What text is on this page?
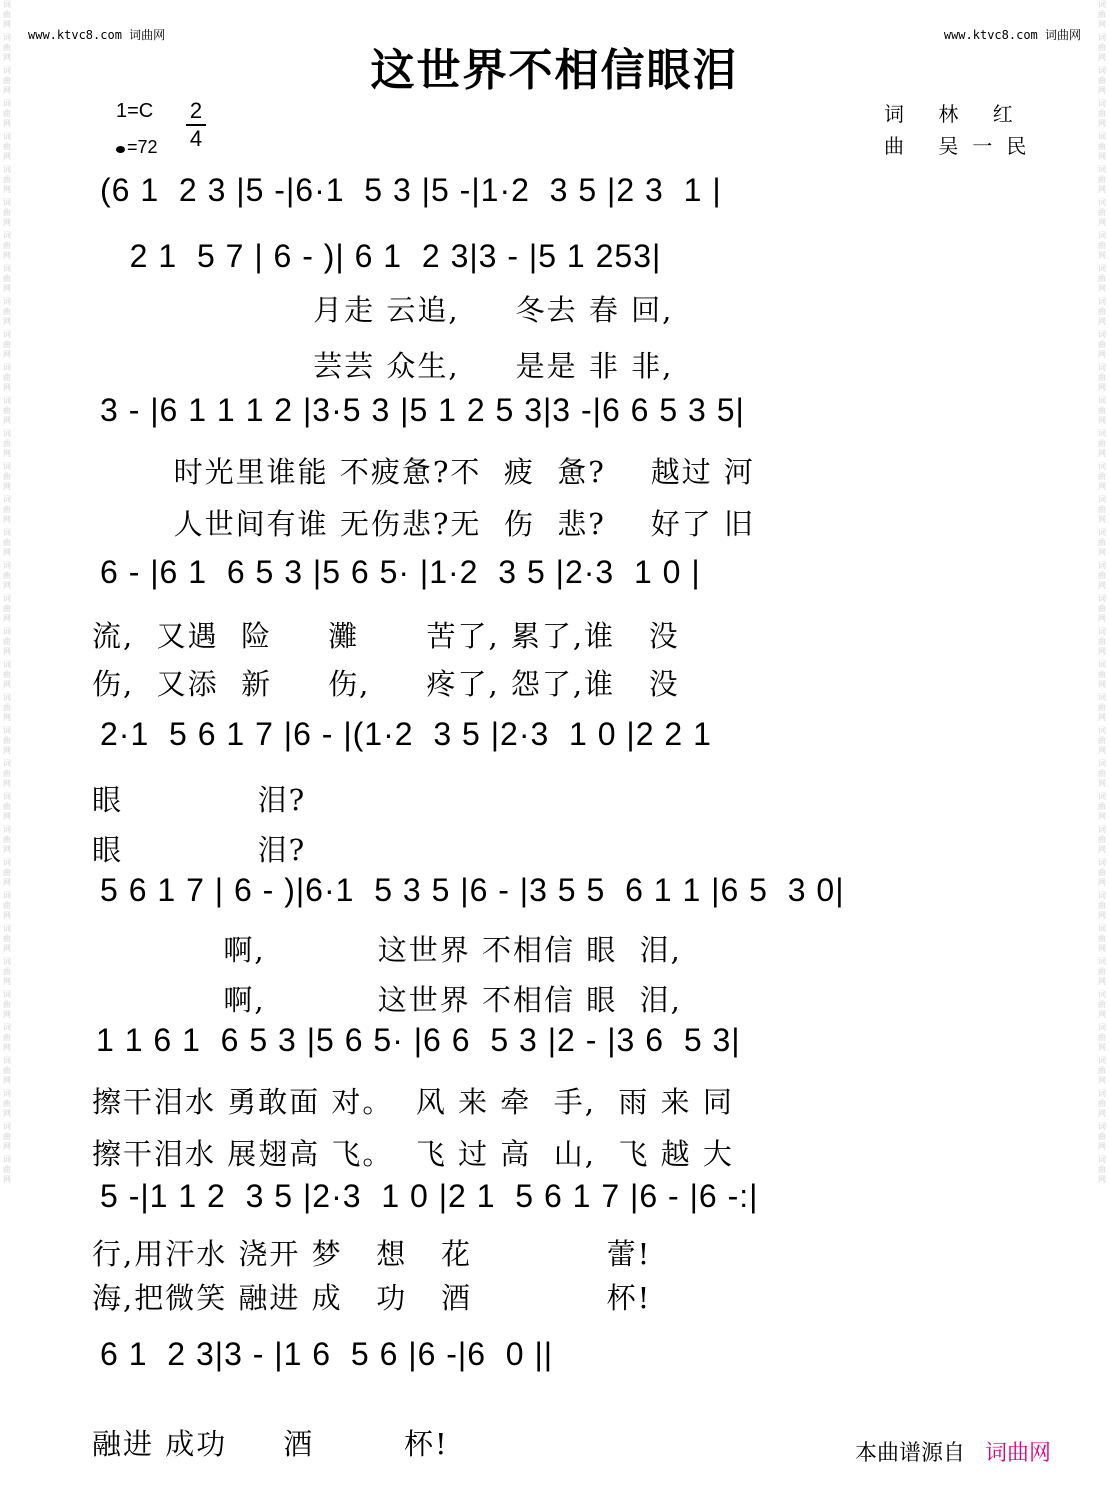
词曲网
词曲网
词曲网
词曲网
词曲网
词曲网
词曲网
词曲网
词曲网
词曲网
词曲网
词曲网
词曲网
词曲网
词曲网
词曲网
词曲网
词曲网
词曲网
词曲网
词曲网
词曲网
词曲网
词曲网
词曲网
词曲网
词曲网
词曲网
词曲网
词曲网
词曲网
词曲网
词曲网
词曲网
词曲网
词曲网
词曲网
词曲网
词曲网
词曲网
词曲网
词曲网
词曲网
词曲网
词曲网
词曲网
词曲网
词曲网
词曲网
词曲网
词曲网
词曲网
词曲网
词曲网
词曲网
词曲网
词曲网
词曲网
词曲网
词曲网
词曲网
词曲网
词曲网
词曲网
词曲网
词曲网
词曲网
词曲网
词曲网
词曲网
词曲网
词曲网
www.ktvc8.com 词曲网	www.ktvc8.com 词曲网
这世界不相信眼泪
1=C 2
4
=72
词 林 红
曲 吴一民
(6 1  2 3 |5 -|6·1  5 3 |5 -|1·2  3 5 |2 3  1 |
2 1  5 7 | 6 - )| 6 1  2 3|3 - |5 1 253|
月走 云追,     冬去 春 回,
芸芸 众生,     是是 非 非,
3 - |6 1 1 1 2 |3·5 3 |5 1 2 5 3|3 -|6 6 5 3 5|
时光里谁能 不疲惫?不  疲  惫?    越过 河
人世间有谁 无伤悲?无  伤  悲?    好了 旧
6 - |6 1  6 5 3 |5 6 5· |1·2  3 5 |2·3  1 0 |
流,  又遇  险     灘      苦了, 累了,谁   没
伤,  又添  新     伤,     疼了, 怨了,谁   没
2·1  5 6 1 7 |6 - |(1·2  3 5 |2·3  1 0 |2 2 1
眼            泪?
眼            泪?
5 6 1 7 | 6 - )|6·1  5 3 5 |6 - |3 5 5  6 1 1 |6 5  3 0|
啊,          这世界 不相信 眼  泪,
啊,          这世界 不相信 眼  泪,
1 1 6 1  6 5 3 |5 6 5· |6 6  5 3 |2 - |3 6  5 3|
擦干泪水 勇敢面 对。  风 来 牵  手,  雨 来 同
擦干泪水 展翅高 飞。  飞 过 高  山,  飞 越 大
5 -|1 1 2  3 5 |2·3  1 0 |2 1  5 6 1 7 |6 - |6 -:|
行,用汗水 浇开 梦   想   花            蕾!
海,把微笑 融进 成   功   酒            杯!
6 1  2 3|3 - |1 6  5 6 |6 -|6  0 ||
融进 成功     酒        杯!	本曲谱源自 词曲网
